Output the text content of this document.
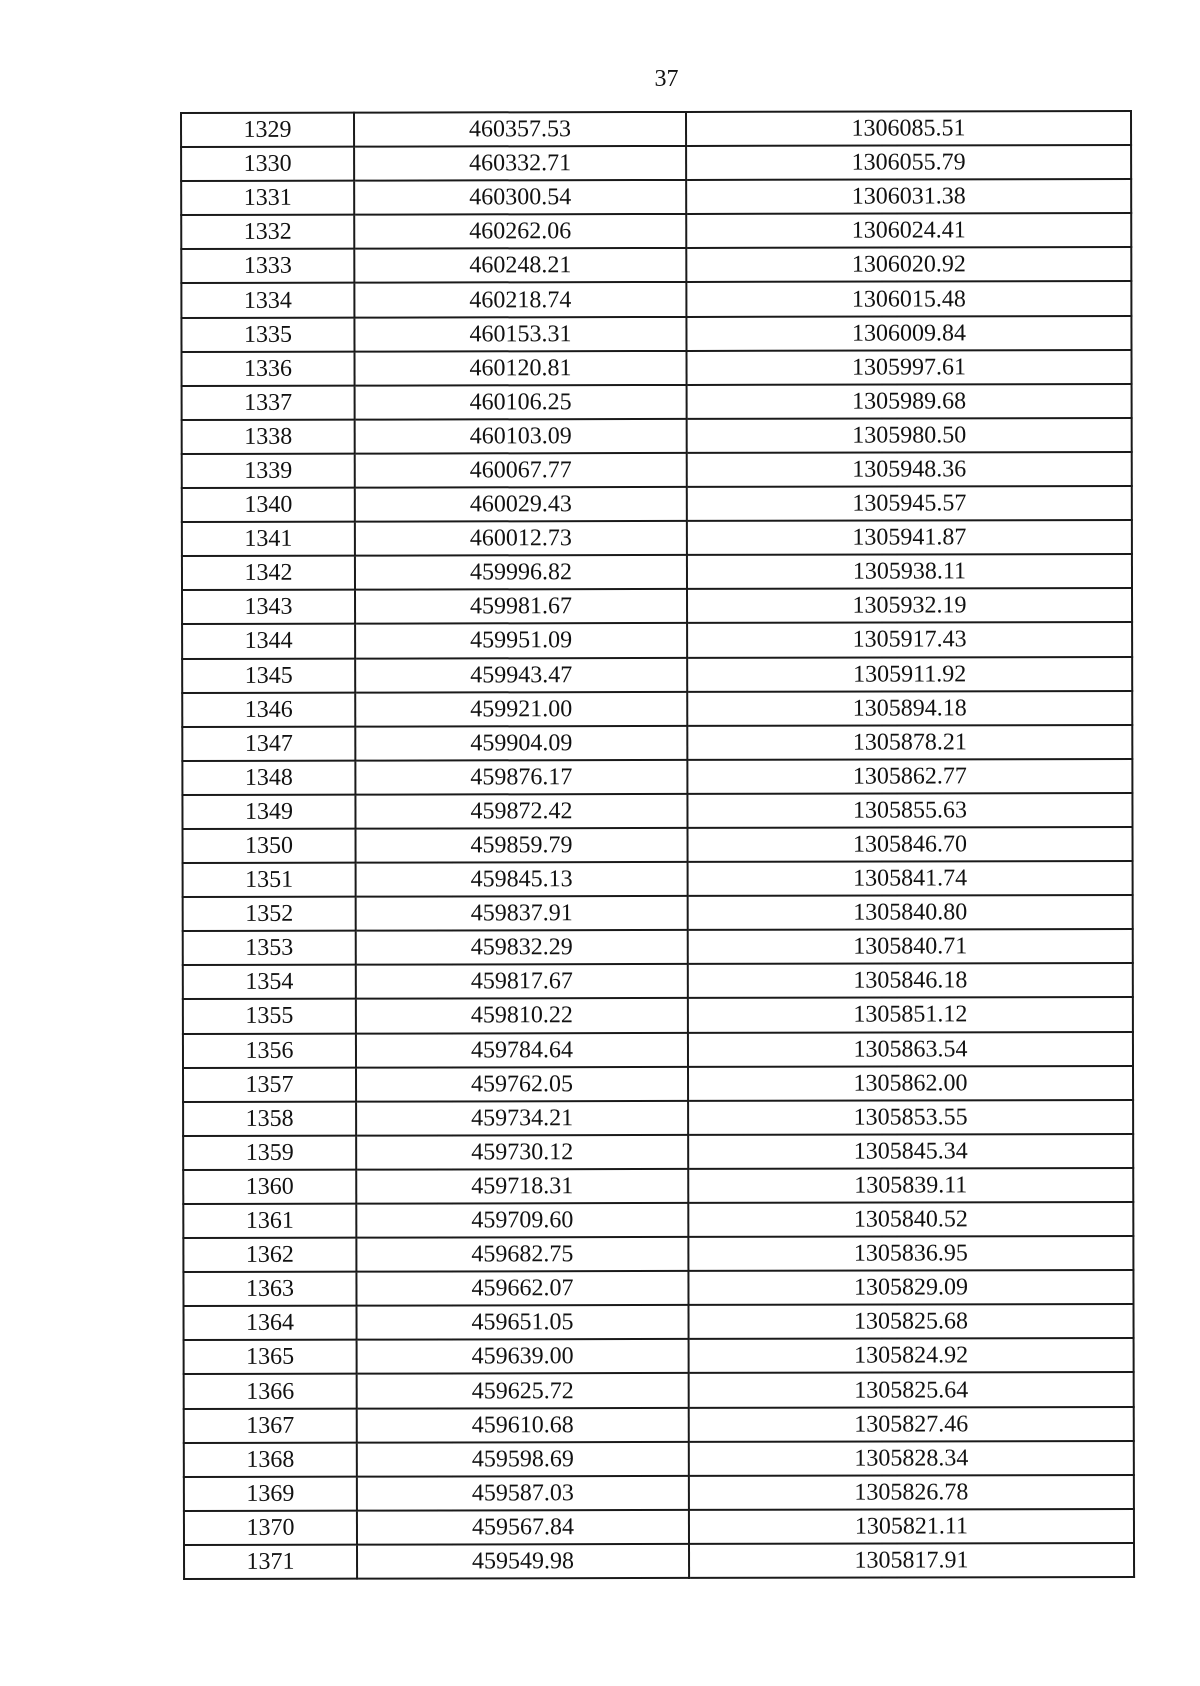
37
1329	460357.53	1306085.51
1330	460332.71	1306055.79
1331	460300.54	1306031.38
1332	460262.06	1306024.41
1333	460248.21	1306020.92
1334	460218.74	1306015.48
1335	460153.31	1306009.84
1336	460120.81	1305997.61
1337	460106.25	1305989.68
1338	460103.09	1305980.50
1339	460067.77	1305948.36
1340	460029.43	1305945.57
1341	460012.73	1305941.87
1342	459996.82	1305938.11
1343	459981.67	1305932.19
1344	459951.09	1305917.43
1345	459943.47	1305911.92
1346	459921.00	1305894.18
1347	459904.09	1305878.21
1348	459876.17	1305862.77
1349	459872.42	1305855.63
1350	459859.79	1305846.70
1351	459845.13	1305841.74
1352	459837.91	1305840.80
1353	459832.29	1305840.71
1354	459817.67	1305846.18
1355	459810.22	1305851.12
1356	459784.64	1305863.54
1357	459762.05	1305862.00
1358	459734.21	1305853.55
1359	459730.12	1305845.34
1360	459718.31	1305839.11
1361	459709.60	1305840.52
1362	459682.75	1305836.95
1363	459662.07	1305829.09
1364	459651.05	1305825.68
1365	459639.00	1305824.92
1366	459625.72	1305825.64
1367	459610.68	1305827.46
1368	459598.69	1305828.34
1369	459587.03	1305826.78
1370	459567.84	1305821.11
1371	459549.98	1305817.91
